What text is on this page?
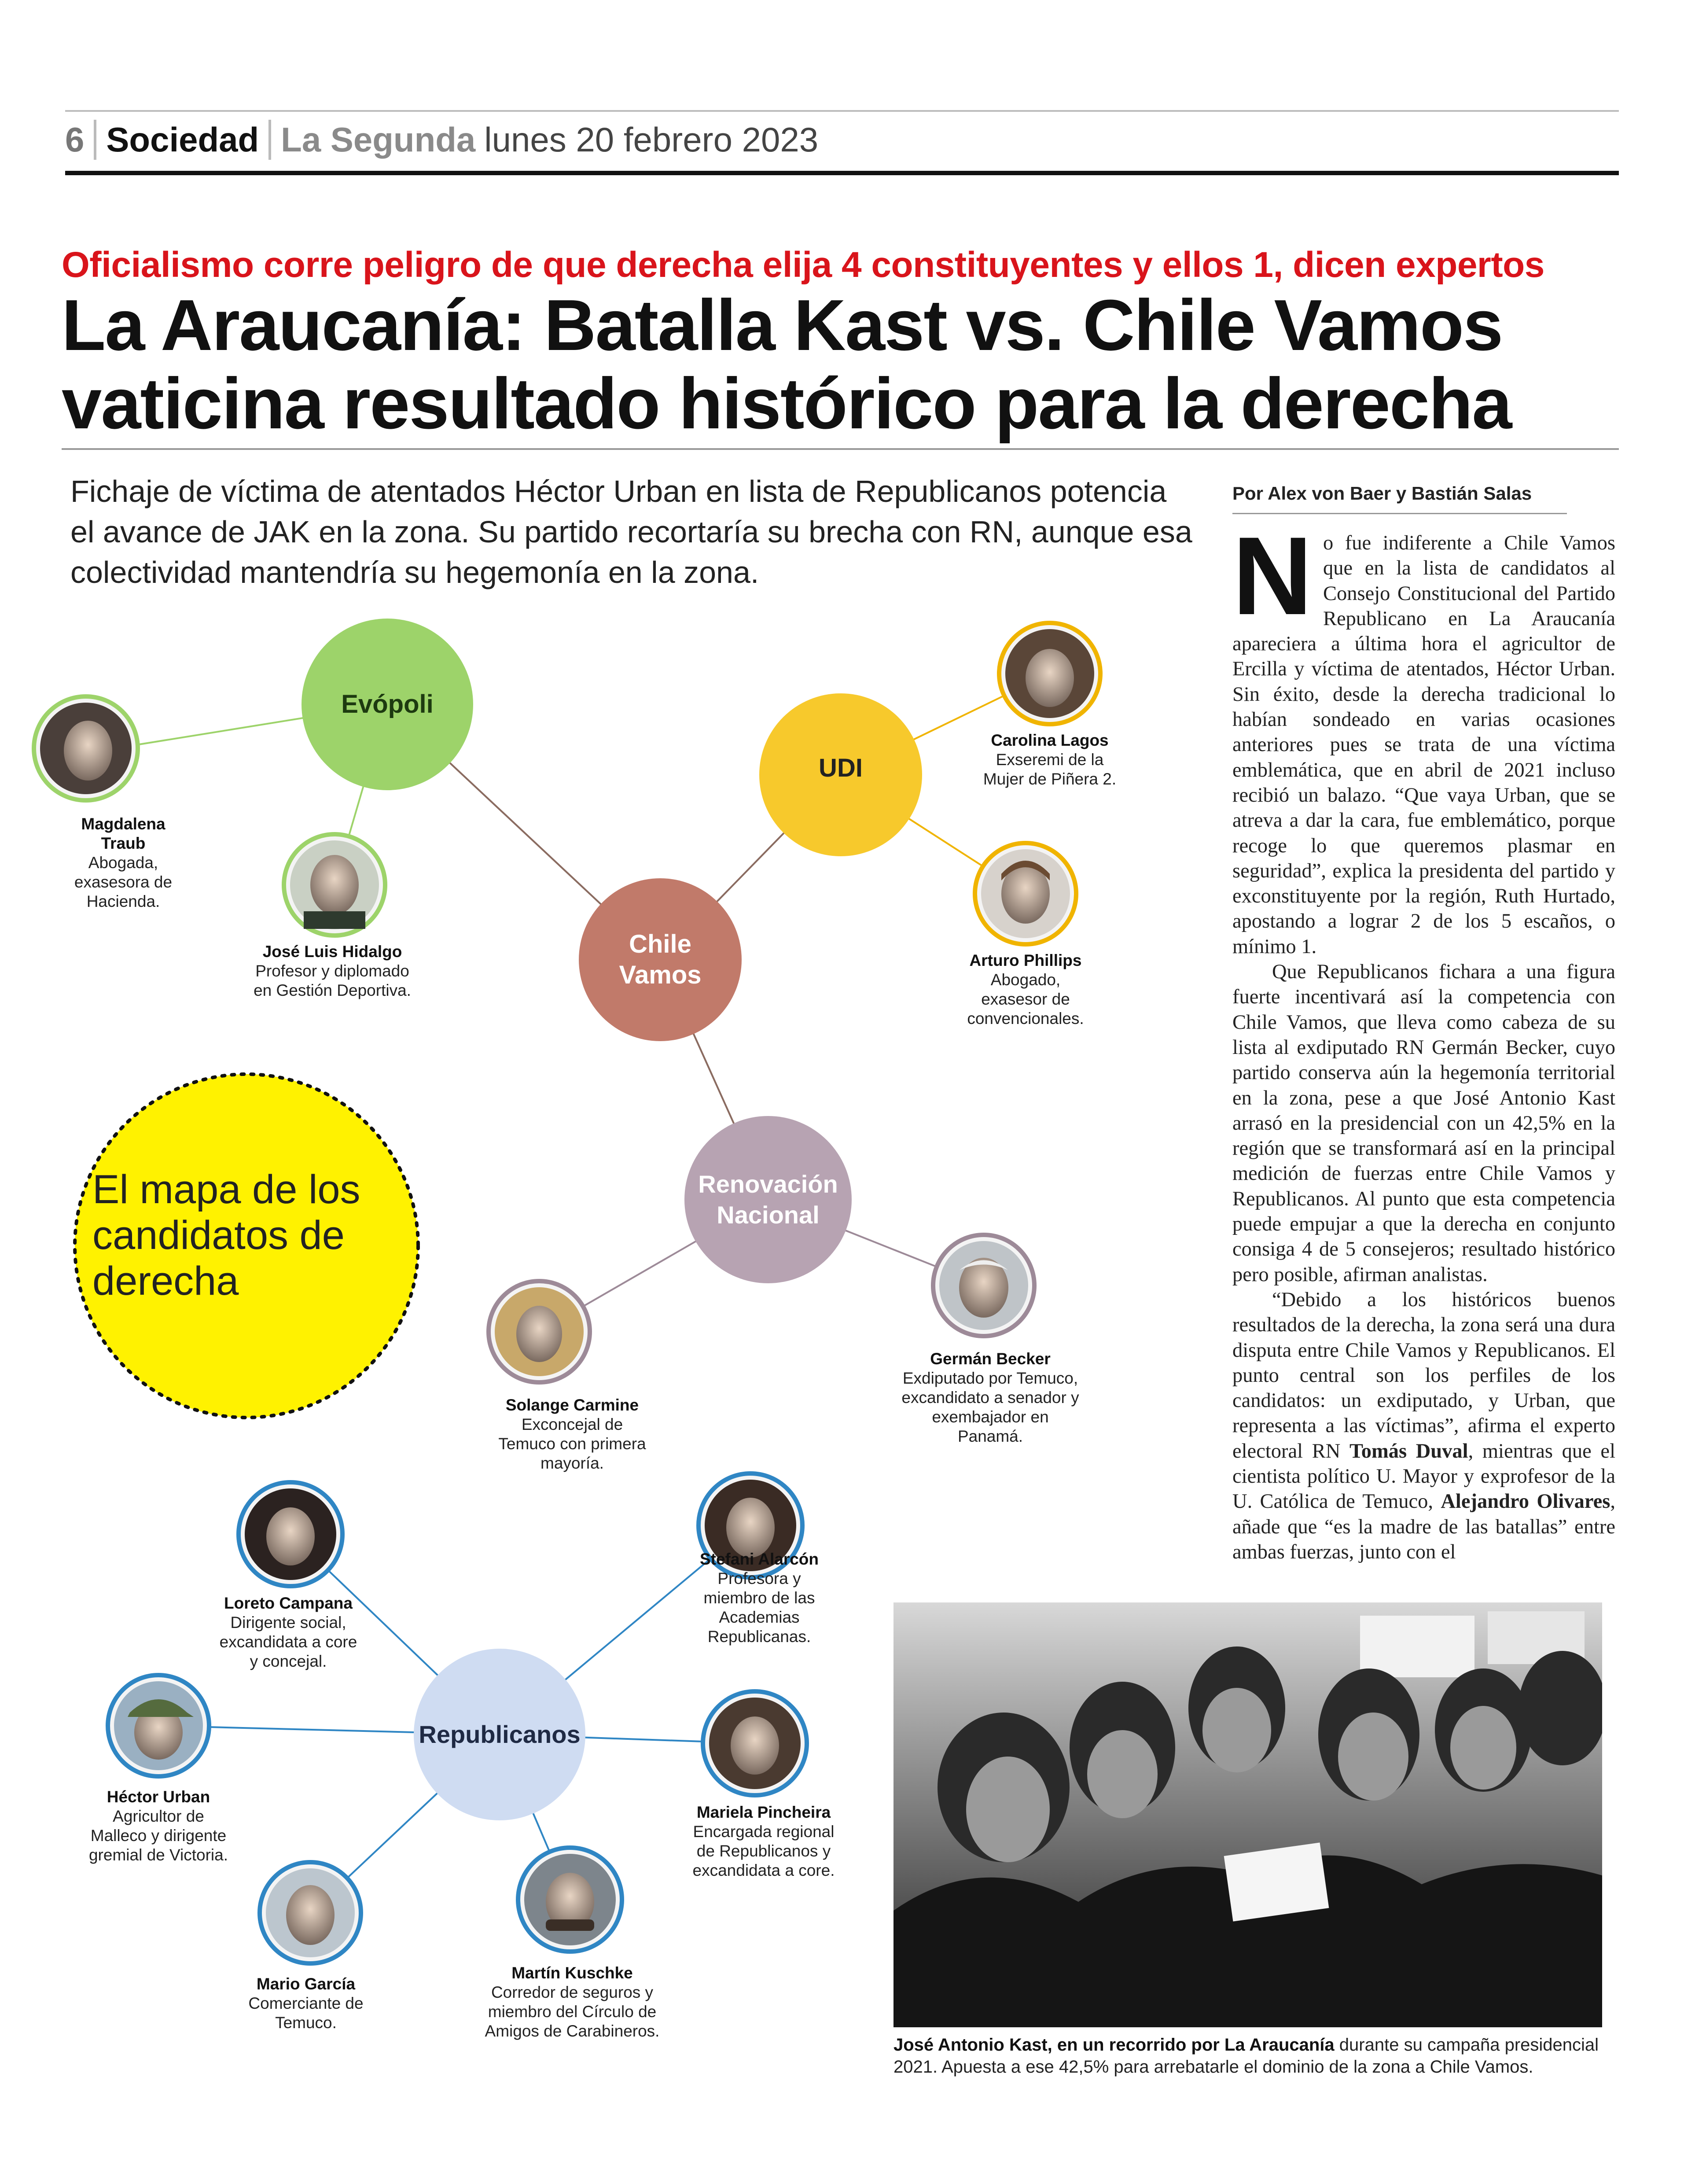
6 Sociedad La Segunda lunes 20 febrero 2023
Oficialismo corre peligro de que derecha elija 4 constituyentes y ellos 1, dicen expertos
La Araucanía: Batalla Kast vs. Chile Vamos vaticina resultado histórico para la derecha
Fichaje de víctima de atentados Héctor Urban en lista de Republicanos potencia el avance de JAK en la zona. Su partido recortaría su brecha con RN, aunque esa colectividad mantendría su hegemonía en la zona.
Evópoli
UDI
Chile
Vamos
Renovación
Nacional
Republicanos
El mapa de los candidatos de derecha
Magdalena
Traub
Abogada,
exasesora de
Hacienda.
José Luis Hidalgo
Profesor y diplomado
en Gestión Deportiva.
Carolina Lagos
Exseremi de la
Mujer de Piñera 2.
Arturo Phillips
Abogado,
exasesor de
convencionales.
Solange Carmine
Exconcejal de
Temuco con primera
mayoría.
Germán Becker
Exdiputado por Temuco,
excandidato a senador y
exembajador en
Panamá.
Loreto Campana
Dirigente social,
excandidata a core
y concejal.
Stefani Alarcón
Profesora y
miembro de las
Academias
Republicanas.
Héctor Urban
Agricultor de
Malleco y dirigente
gremial de Victoria.
Mariela Pincheira
Encargada regional
de Republicanos y
excandidata a core.
Mario García
Comerciante de
Temuco.
Martín Kuschke
Corredor de seguros y
miembro del Círculo de
Amigos de Carabineros.
Por Alex von Baer y Bastián Salas

No fue indiferente a Chile Vamos que en la lista de candidatos al Consejo Constitucional del Partido Republicano en La Araucanía apareciera a última hora el agricultor de Ercilla y víctima de atentados, Héctor Urban. Sin éxito, desde la derecha tradicional lo habían sondeado en varias ocasiones anteriores pues se trata de una víctima emblemática, que en abril de 2021 incluso recibió un balazo. “Que vaya Urban, que se atreva a dar la cara, fue emblemático, porque recoge lo que queremos plasmar en seguridad”, explica la presidenta del partido y exconstituyente por la región, Ruth Hurtado, apostando a lograr 2 de los 5 escaños, o mínimo 1.

Que Republicanos fichara a una figura fuerte incentivará así la competencia con Chile Vamos, que lleva como cabeza de su lista al exdiputado RN Germán Becker, cuyo partido conserva aún la hegemonía territorial en la zona, pese a que José Antonio Kast arrasó en la presidencial con un 42,5% en la región que se transformará así en la principal medición de fuerzas entre Chile Vamos y Republicanos. Al punto que esta competencia puede empujar a que la derecha en conjunto consiga 4 de 5 consejeros; resultado histórico pero posible, afirman analistas.

“Debido a los históricos buenos resultados de la derecha, la zona será una dura disputa entre Chile Vamos y Republicanos. El punto central son los perfiles de los candidatos: un exdiputado, y Urban, que representa a las víctimas”, afirma el experto electoral RN Tomás Duval, mientras que el cientista político U. Mayor y exprofesor de la U. Católica de Temuco, Alejandro Olivares, añade que “es la madre de las batallas” entre ambas fuerzas, junto con el

José Antonio Kast, en un recorrido por La Araucanía durante su campaña presidencial 2021. Apuesta a ese 42,5% para arrebatarle el dominio de la zona a Chile Vamos.
